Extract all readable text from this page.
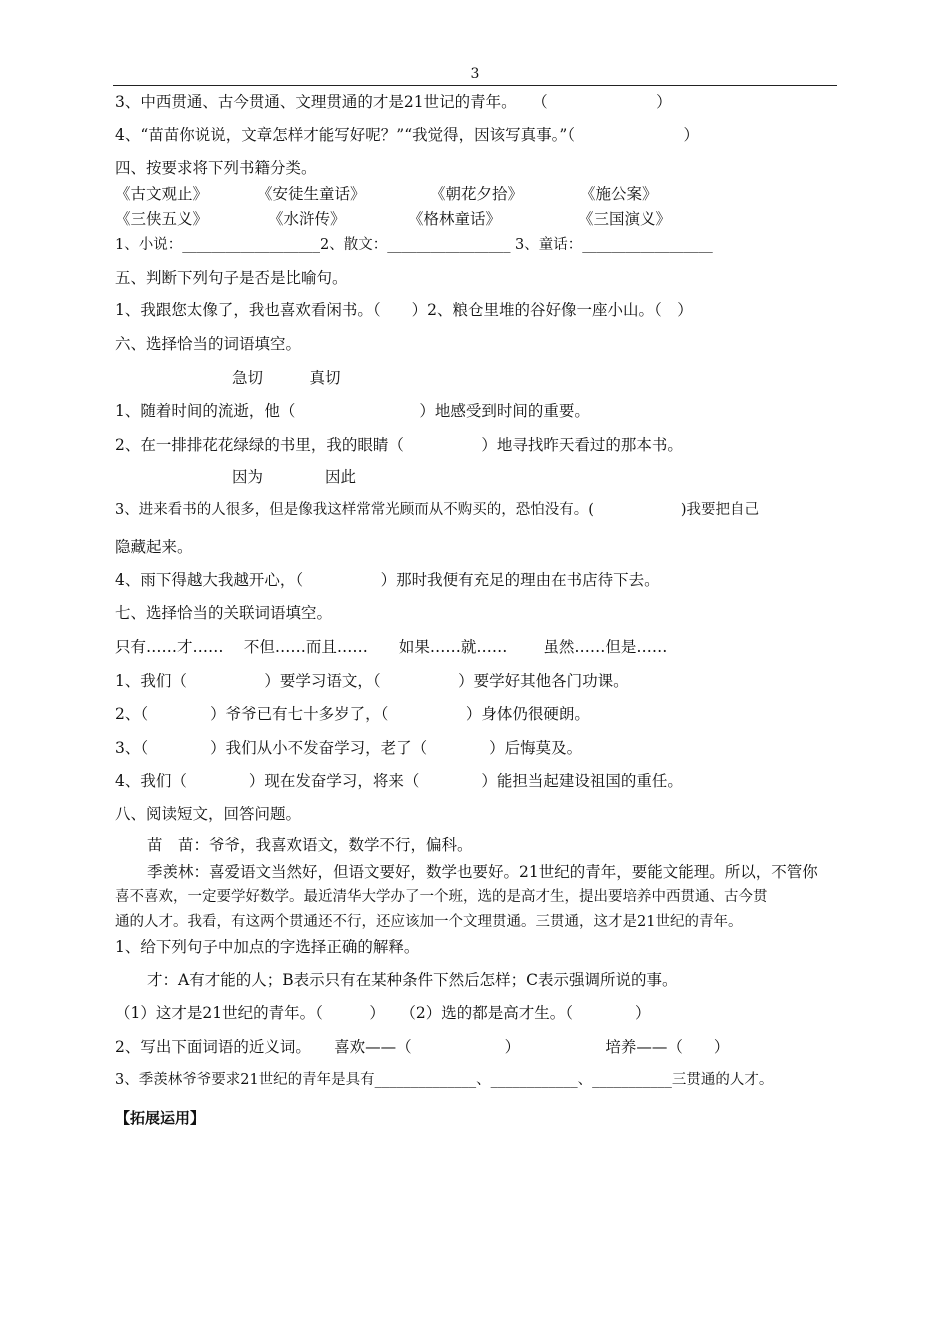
3
3、中西贯通、古今贯通、文理贯通的才是21世记的青年。　　（　　　　　　　）
4、“苗苗你说说，文章怎样才能写好呢？”“我觉得，因该写真事。”（　　　　　　　）
四、按要求将下列书籍分类。
《古文观止》	《安徒生童话》	《朝花夕拾》	《施公案》
《三侠五义》	《水浒传》	《格林童话》	《三国演义》
1、小说：___________________2、散文：_________________ 3、童话：__________________
五、判断下列句子是否是比喻句。
1、我跟您太像了，我也喜欢看闲书。（　　）2、粮仓里堆的谷好像一座小山。（　）
六、选择恰当的词语填空。
急切　　　真切
1、随着时间的流逝，他（　　　　　　　　）地感受到时间的重要。
2、在一排排花花绿绿的书里，我的眼睛（　　　　　）地寻找昨天看过的那本书。
因为　　　　因此
3、进来看书的人很多，但是像我这样常常光顾而从不购买的，恐怕没有。(　　　　　　)我要把自己
隐藏起来。
4、雨下得越大我越开心，（　　　　　）那时我便有充足的理由在书店待下去。
七、选择恰当的关联词语填空。
只有……才……　 不但……而且……　　如果……就……　　 虽然……但是……
1、我们（　　　　　）要学习语文，（　　　　　）要学好其他各门功课。
2、（　　　　）爷爷已有七十多岁了，（　　　　　）身体仍很硬朗。
3、（　　　　）我们从小不发奋学习，老了（　　　　）后悔莫及。
4、我们（　　　　）现在发奋学习，将来（　　　　）能担当起建设祖国的重任。
八、阅读短文，回答问题。
苗　苗：爷爷，我喜欢语文，数学不行，偏科。
季羡林：喜爱语文当然好，但语文要好，数学也要好。21世纪的青年，要能文能理。所以，不管你
喜不喜欢，一定要学好数学。最近清华大学办了一个班，选的是高才生，提出要培养中西贯通、古今贯
通的人才。我看，有这两个贯通还不行，还应该加一个文理贯通。三贯通，这才是21世纪的青年。
1、给下列句子中加点的字选择正确的解释。
才：A有才能的人；B表示只有在某种条件下然后怎样；C表示强调所说的事。
（1）这才是21世纪的青年。（　　　）　　（2）选的都是高才生。（　　　　）
2、写出下面词语的近义词。　　喜欢——（　　　　　　）　　　　　　培养——（　　）
3、季羡林爷爷要求21世纪的青年是具有______________、____________、___________三贯通的人才。
【拓展运用】
